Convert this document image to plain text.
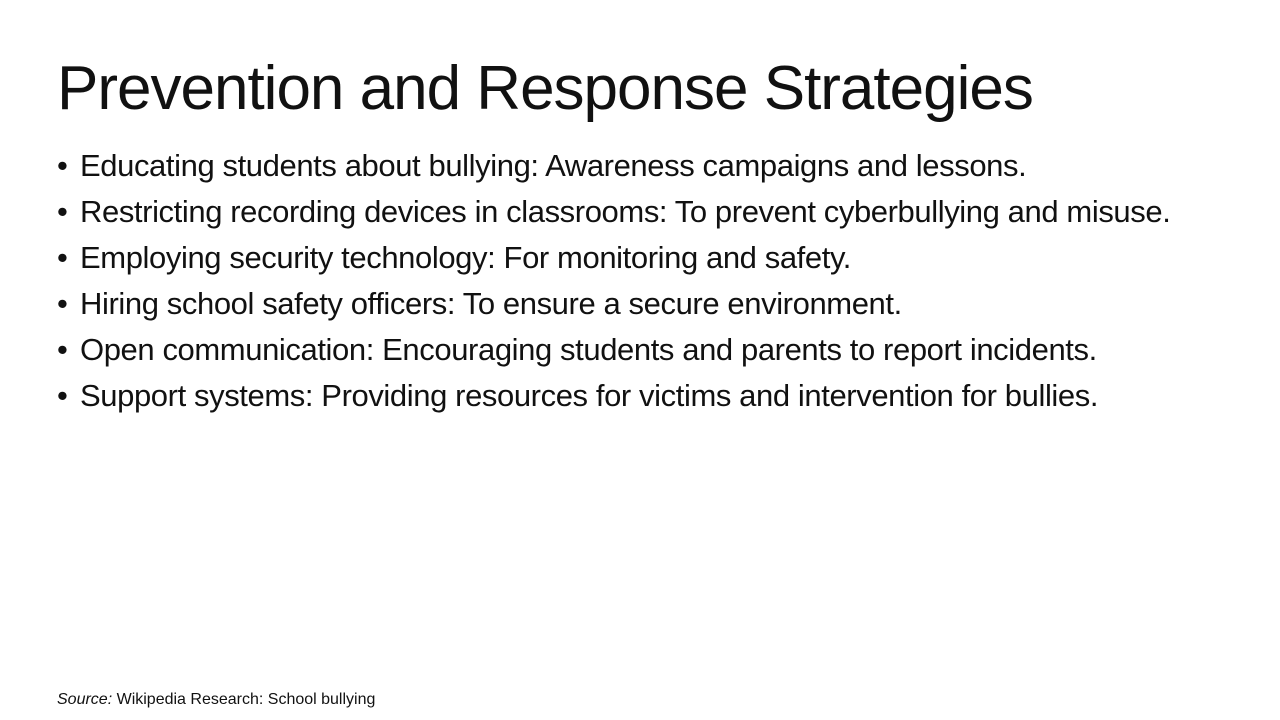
Prevention and Response Strategies
• Educating students about bullying: Awareness campaigns and lessons.
• Restricting recording devices in classrooms: To prevent cyberbullying and misuse.
• Employing security technology: For monitoring and safety.
• Hiring school safety officers: To ensure a secure environment.
• Open communication: Encouraging students and parents to report incidents.
• Support systems: Providing resources for victims and intervention for bullies.
Source: Wikipedia Research: School bullying
